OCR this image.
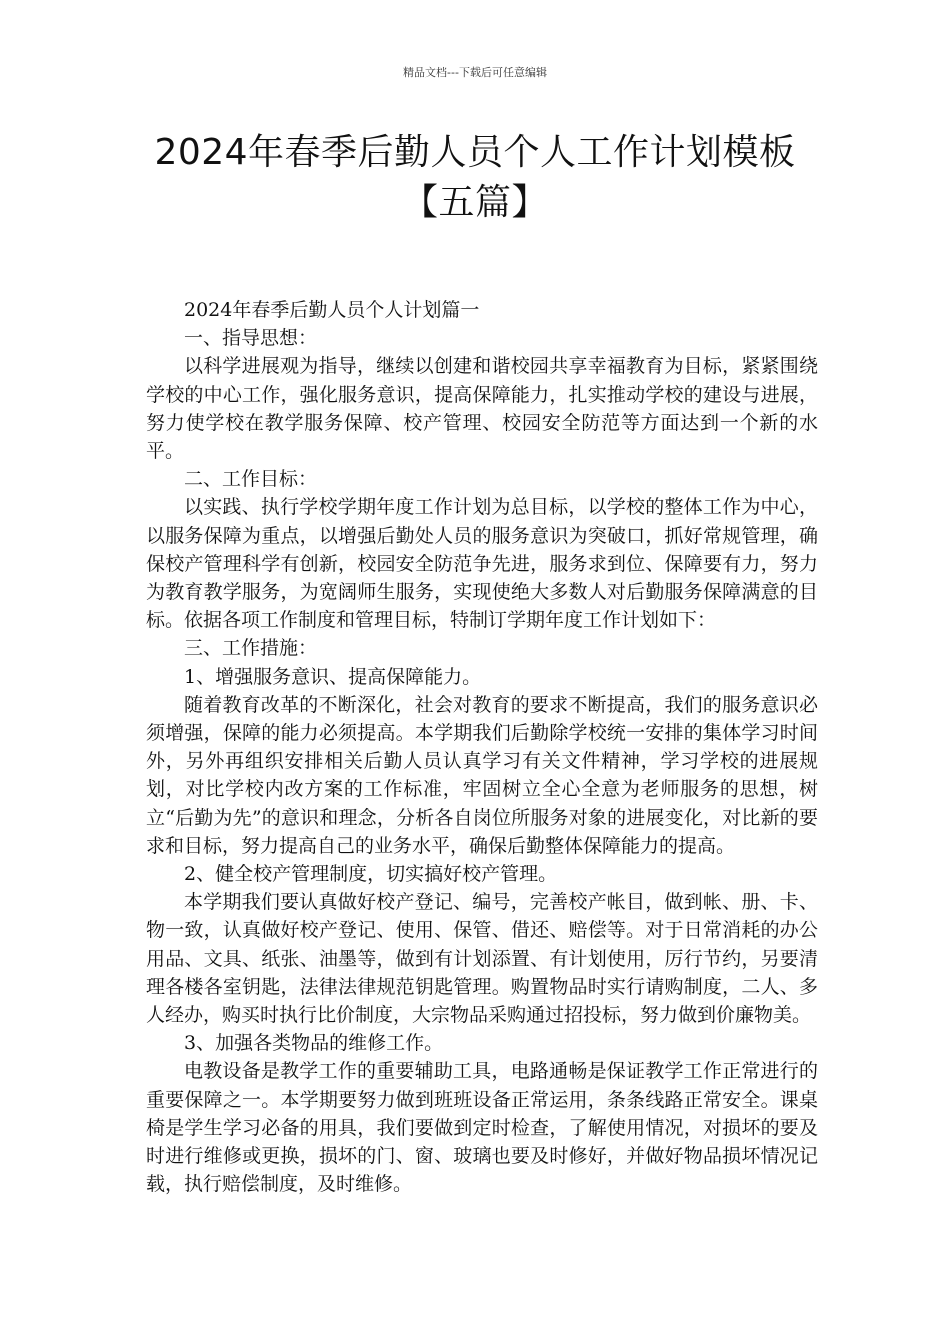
精品文档---下载后可任意编辑
2024年春季后勤人员个人工作计划模板
【五篇】

2024年春季后勤人员个人计划篇一

一、指导思想：

以科学进展观为指导，继续以创建和谐校园共享幸福教育为目标，紧紧围绕学校的中心工作，强化服务意识，提高保障能力，扎实推动学校的建设与进展，努力使学校在教学服务保障、校产管理、校园安全防范等方面达到一个新的水平。

二、工作目标：

以实践、执行学校学期年度工作计划为总目标，以学校的整体工作为中心，以服务保障为重点，以增强后勤处人员的服务意识为突破口，抓好常规管理，确保校产管理科学有创新，校园安全防范争先进，服务求到位、保障要有力，努力为教育教学服务，为宽阔师生服务，实现使绝大多数人对后勤服务保障满意的目标。依据各项工作制度和管理目标，特制订学期年度工作计划如下：

三、工作措施：

1、增强服务意识、提高保障能力。

随着教育改革的不断深化，社会对教育的要求不断提高，我们的服务意识必须增强，保障的能力必须提高。本学期我们后勤除学校统一安排的集体学习时间外，另外再组织安排相关后勤人员认真学习有关文件精神，学习学校的进展规划，对比学校内改方案的工作标准，牢固树立全心全意为老师服务的思想，树立“后勤为先”的意识和理念，分析各自岗位所服务对象的进展变化，对比新的要求和目标，努力提高自己的业务水平，确保后勤整体保障能力的提高。

2、健全校产管理制度，切实搞好校产管理。

本学期我们要认真做好校产登记、编号，完善校产帐目，做到帐、册、卡、物一致，认真做好校产登记、使用、保管、借还、赔偿等。对于日常消耗的办公用品、文具、纸张、油墨等，做到有计划添置、有计划使用，厉行节约，另要清理各楼各室钥匙，法律法律规范钥匙管理。购置物品时实行请购制度，二人、多人经办，购买时执行比价制度，大宗物品采购通过招投标，努力做到价廉物美。

3、加强各类物品的维修工作。

电教设备是教学工作的重要辅助工具，电路通畅是保证教学工作正常进行的重要保障之一。本学期要努力做到班班设备正常运用，条条线路正常安全。课桌椅是学生学习必备的用具，我们要做到定时检查，了解使用情况，对损坏的要及时进行维修或更换，损坏的门、窗、玻璃也要及时修好，并做好物品损坏情况记载，执行赔偿制度，及时维修。
